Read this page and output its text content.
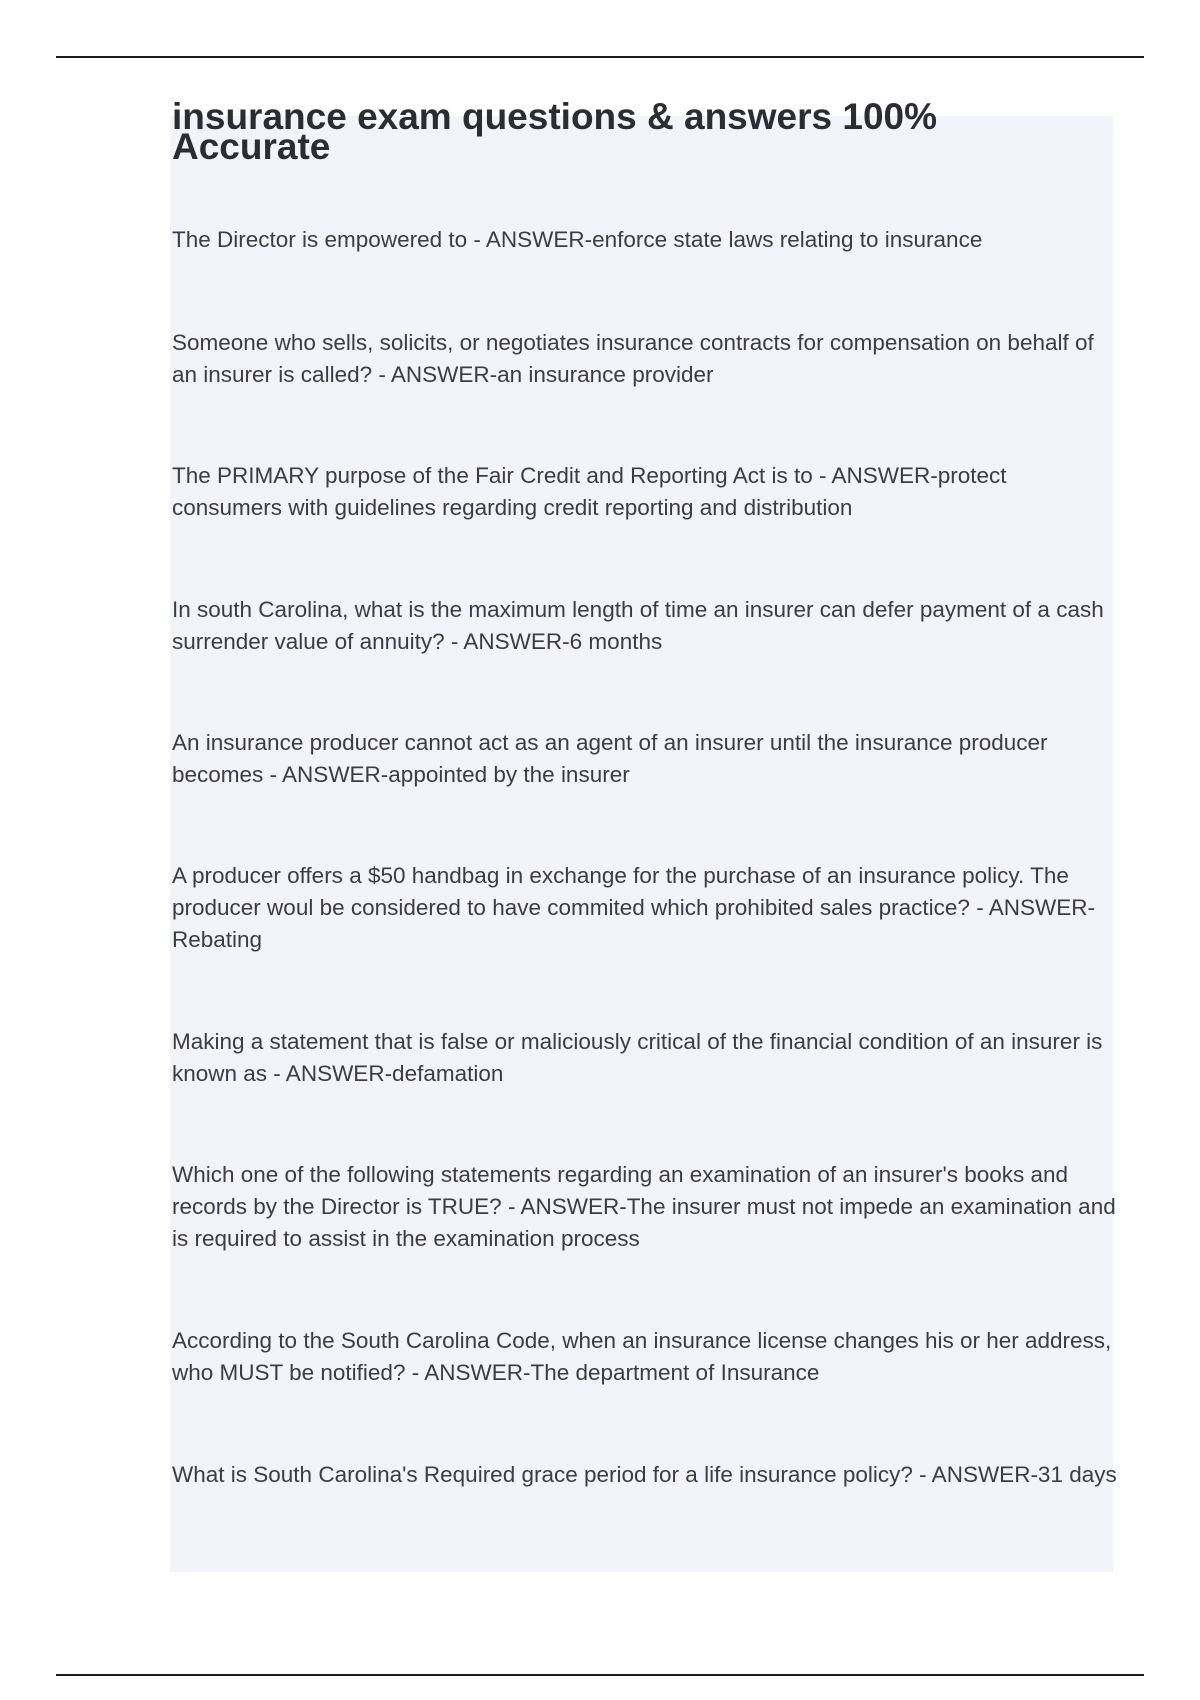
insurance exam questions & answers 100% Accurate

The Director is empowered to - ANSWER-enforce state laws relating to insurance

Someone who sells, solicits, or negotiates insurance contracts for compensation on behalf of an insurer is called? - ANSWER-an insurance provider

The PRIMARY purpose of the Fair Credit and Reporting Act is to - ANSWER-protect consumers with guidelines regarding credit reporting and distribution

In south Carolina, what is the maximum length of time an insurer can defer payment of a cash surrender value of annuity? - ANSWER-6 months

An insurance producer cannot act as an agent of an insurer until the insurance producer becomes - ANSWER-appointed by the insurer

A producer offers a $50 handbag in exchange for the purchase of an insurance policy. The producer woul be considered to have commited which prohibited sales practice? - ANSWER-Rebating

Making a statement that is false or maliciously critical of the financial condition of an insurer is known as - ANSWER-defamation

Which one of the following statements regarding an examination of an insurer's books and records by the Director is TRUE? - ANSWER-The insurer must not impede an examination and is required to assist in the examination process

According to the South Carolina Code, when an insurance license changes his or her address, who MUST be notified? - ANSWER-The department of Insurance

What is South Carolina's Required grace period for a life insurance policy? - ANSWER-31 days
